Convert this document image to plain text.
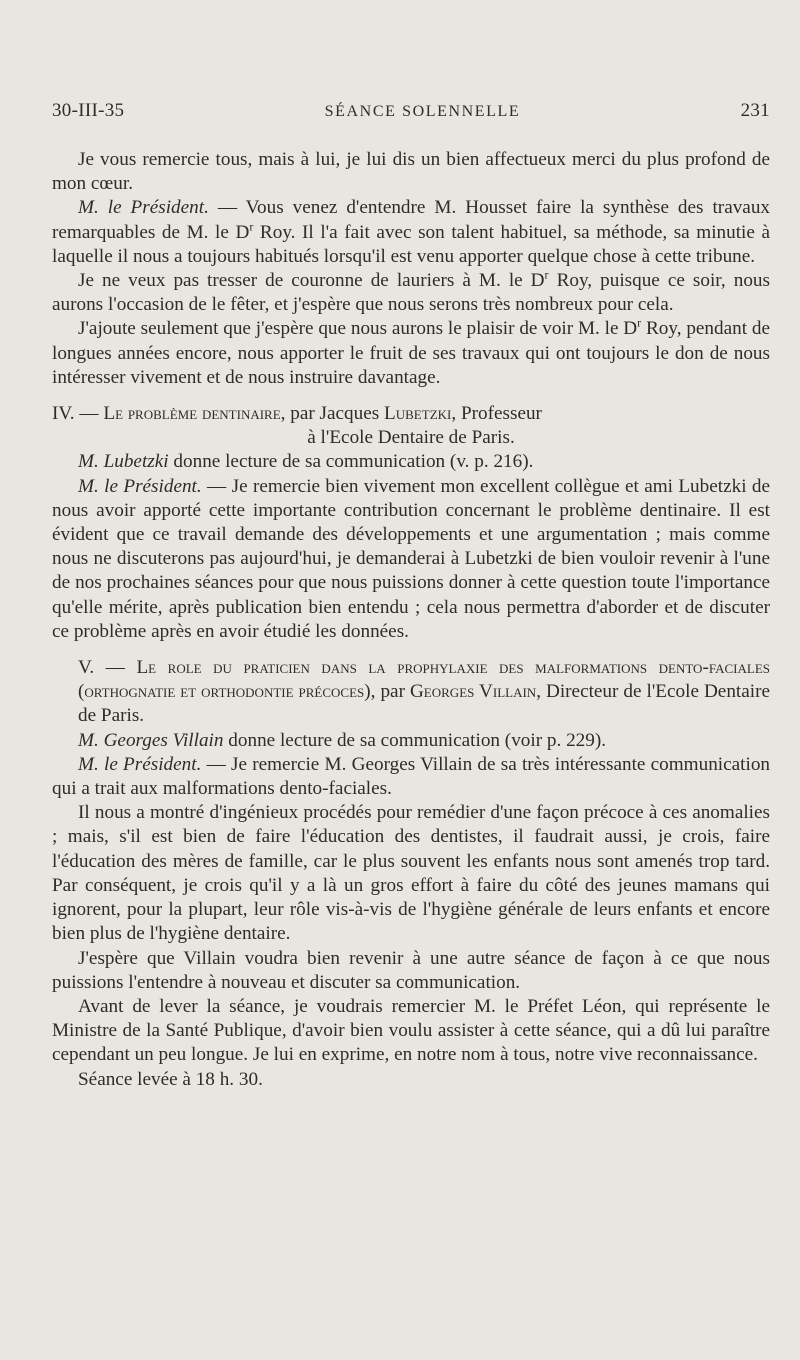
30-III-35	SÉANCE SOLENNELLE	231

Je vous remercie tous, mais à lui, je lui dis un bien affectueux merci du plus profond de mon cœur.

M. le Président. — Vous venez d'entendre M. Housset faire la synthèse des travaux remarquables de M. le $D^r$ Roy. Il l'a fait avec son talent habituel, sa méthode, sa minutie à laquelle il nous a toujours habitués lorsqu'il est venu apporter quelque chose à cette tribune.

Je ne veux pas tresser de couronne de lauriers à M. le $D^r$ Roy, puisque ce soir, nous aurons l'occasion de le fêter, et j'espère que nous serons très nombreux pour cela.

J'ajoute seulement que j'espère que nous aurons le plaisir de voir M. le $D^r$ Roy, pendant de longues années encore, nous apporter le fruit de ses travaux qui ont toujours le don de nous intéresser vivement et de nous instruire davantage.

IV. — Le problème dentinaire, par Jacques Lubetzki, Professeur

à l'Ecole Dentaire de Paris.

M. Lubetzki donne lecture de sa communication (v. p. 216).

M. le Président. — Je remercie bien vivement mon excellent collègue et ami Lubetzki de nous avoir apporté cette importante contribution concernant le problème dentinaire. Il est évident que ce travail demande des développements et une argumentation ; mais comme nous ne discuterons pas aujourd'hui, je demanderai à Lubetzki de bien vouloir revenir à l'une de nos prochaines séances pour que nous puissions donner à cette question toute l'importance qu'elle mérite, après publication bien entendu ; cela nous permettra d'aborder et de discuter ce problème après en avoir étudié les données.

V. — Le role du praticien dans la prophylaxie des malformations dento-faciales (orthognatie et orthodontie précoces), par Georges Villain, Directeur de l'Ecole Dentaire de Paris.

M. Georges Villain donne lecture de sa communication (voir p. 229).

M. le Président. — Je remercie M. Georges Villain de sa très intéressante communication qui a trait aux malformations dento-faciales.

Il nous a montré d'ingénieux procédés pour remédier d'une façon précoce à ces anomalies ; mais, s'il est bien de faire l'éducation des dentistes, il faudrait aussi, je crois, faire l'éducation des mères de famille, car le plus souvent les enfants nous sont amenés trop tard. Par conséquent, je crois qu'il y a là un gros effort à faire du côté des jeunes mamans qui ignorent, pour la plupart, leur rôle vis-à-vis de l'hygiène générale de leurs enfants et encore bien plus de l'hygiène dentaire.

J'espère que Villain voudra bien revenir à une autre séance de façon à ce que nous puissions l'entendre à nouveau et discuter sa communication.

Avant de lever la séance, je voudrais remercier M. le Préfet Léon, qui représente le Ministre de la Santé Publique, d'avoir bien voulu assister à cette séance, qui a dû lui paraître cependant un peu longue. Je lui en exprime, en notre nom à tous, notre vive reconnaissance.

Séance levée à 18 h. 30.
